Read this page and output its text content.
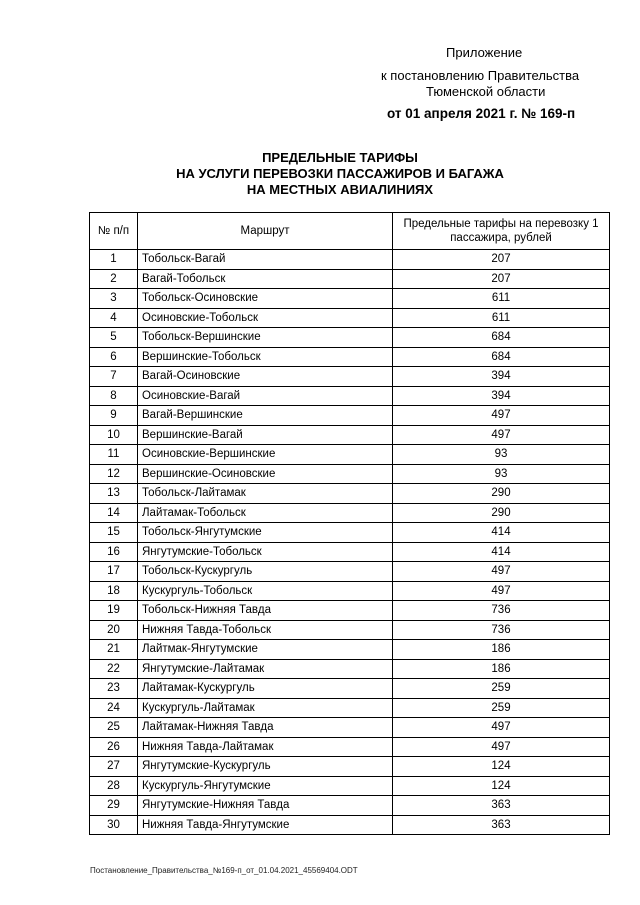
Приложение
к постановлению Правительства
Тюменской области
от 01 апреля 2021 г. № 169-п
ПРЕДЕЛЬНЫЕ ТАРИФЫ
НА УСЛУГИ ПЕРЕВОЗКИ ПАССАЖИРОВ И БАГАЖА
НА МЕСТНЫХ АВИАЛИНИЯХ
№ п/п	Маршрут	Предельные тарифы на перевозку 1 пассажира, рублей
1	Тобольск-Вагай	207
2	Вагай-Тобольск	207
3	Тобольск-Осиновские	611
4	Осиновские-Тобольск	611
5	Тобольск-Вершинские	684
6	Вершинские-Тобольск	684
7	Вагай-Осиновские	394
8	Осиновские-Вагай	394
9	Вагай-Вершинские	497
10	Вершинские-Вагай	497
11	Осиновские-Вершинские	93
12	Вершинские-Осиновские	93
13	Тобольск-Лайтамак	290
14	Лайтамак-Тобольск	290
15	Тобольск-Янгутумские	414
16	Янгутумские-Тобольск	414
17	Тобольск-Кускургуль	497
18	Кускургуль-Тобольск	497
19	Тобольск-Нижняя Тавда	736
20	Нижняя Тавда-Тобольск	736
21	Лайтмак-Янгутумские	186
22	Янгутумские-Лайтамак	186
23	Лайтамак-Кускургуль	259
24	Кускургуль-Лайтамак	259
25	Лайтамак-Нижняя Тавда	497
26	Нижняя Тавда-Лайтамак	497
27	Янгутумские-Кускургуль	124
28	Кускургуль-Янгутумские	124
29	Янгутумские-Нижняя Тавда	363
30	Нижняя Тавда-Янгутумские	363
Постановление_Правительства_№169-п_от_01.04.2021_45569404.ODT
